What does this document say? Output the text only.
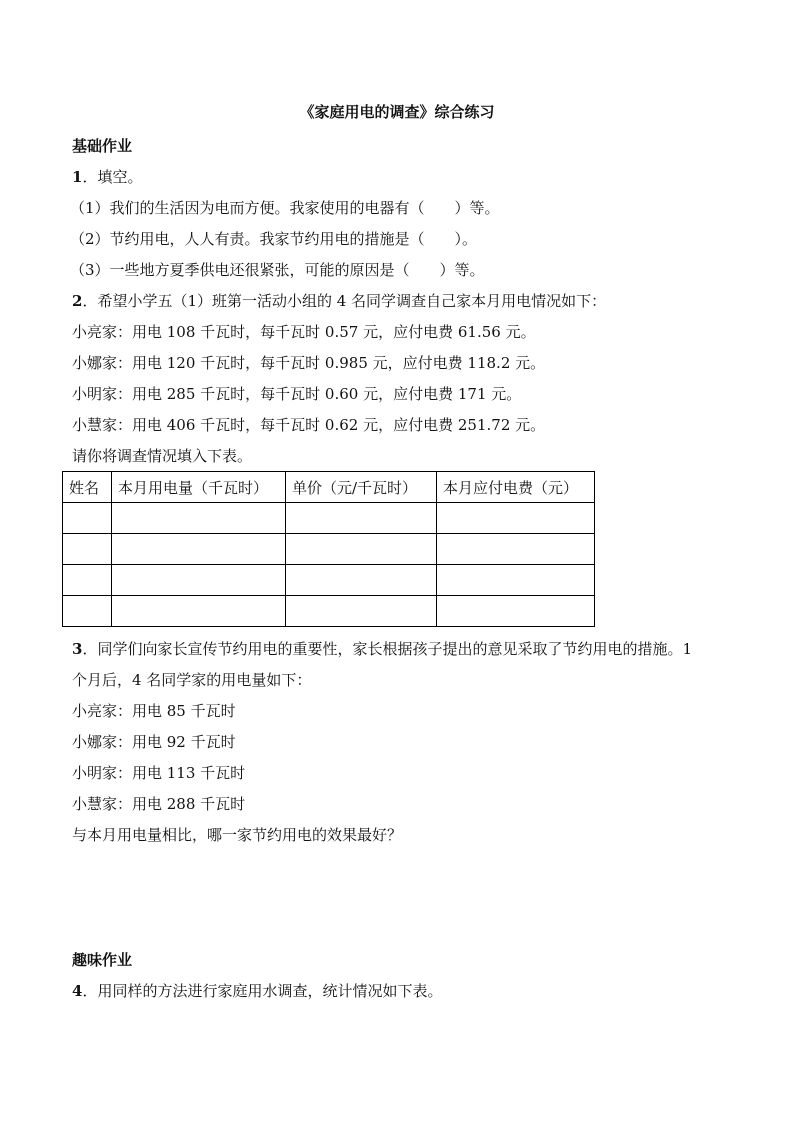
《家庭用电的调查》综合练习
基础作业
1．填空。
（1）我们的生活因为电而方便。我家使用的电器有（　　）等。
（2）节约用电，人人有责。我家节约用电的措施是（　　）。
（3）一些地方夏季供电还很紧张，可能的原因是（　　）等。
2．希望小学五（1）班第一活动小组的 4 名同学调查自己家本月用电情况如下：
小亮家：用电 108 千瓦时，每千瓦时 0.57 元，应付电费 61.56 元。
小娜家：用电 120 千瓦时，每千瓦时 0.985 元，应付电费 118.2 元。
小明家：用电 285 千瓦时，每千瓦时 0.60 元，应付电费 171 元。
小慧家：用电 406 千瓦时，每千瓦时 0.62 元，应付电费 251.72 元。
请你将调查情况填入下表。
姓名	本月用电量（千瓦时）	单价（元/千瓦时）	本月应付电费（元）

3．同学们向家长宣传节约用电的重要性，家长根据孩子提出的意见采取了节约用电的措施。1
个月后，4 名同学家的用电量如下：
小亮家：用电 85 千瓦时
小娜家：用电 92 千瓦时
小明家：用电 113 千瓦时
小慧家：用电 288 千瓦时
与本月用电量相比，哪一家节约用电的效果最好？
趣味作业
4．用同样的方法进行家庭用水调查，统计情况如下表。
